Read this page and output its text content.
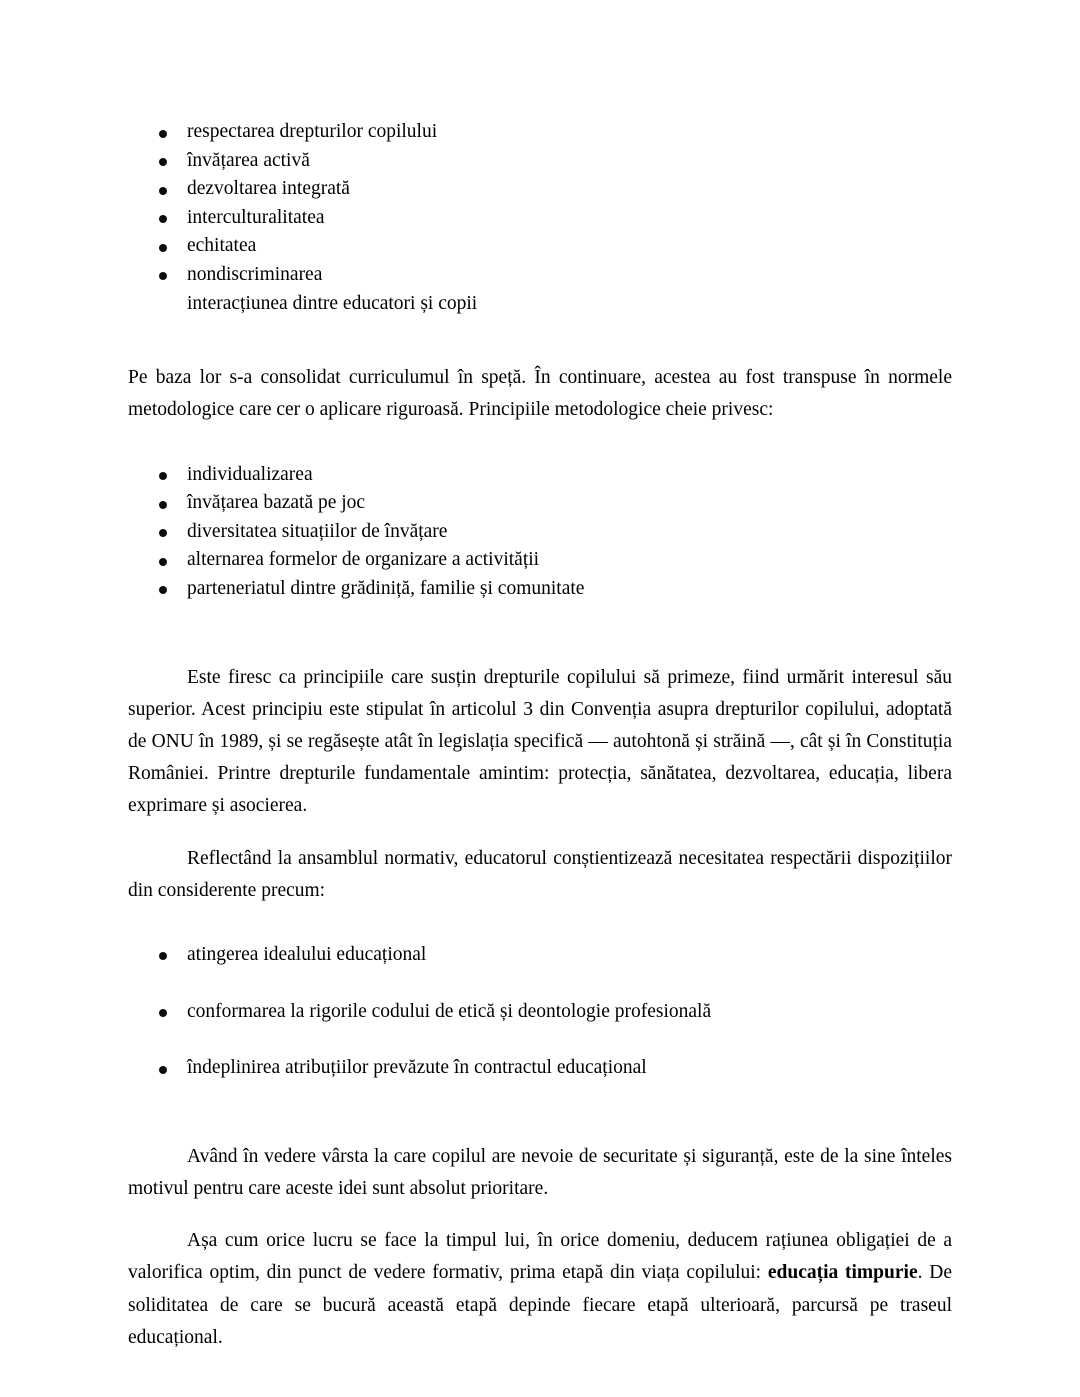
respectarea drepturilor copilului
învățarea activă
dezvoltarea integrată
interculturalitatea
echitatea
nondiscriminarea
interacțiunea dintre educatori și copii

Pe baza lor s‑a consolidat curriculumul în speță. În continuare, acestea au fost transpuse în normele metodologice care cer o aplicare riguroasă. Principiile metodologice cheie privesc:

individualizarea
învățarea bazată pe joc
diversitatea situațiilor de învățare
alternarea formelor de organizare a activității
parteneriatul dintre grădiniță, familie și comunitate

Este firesc ca principiile care susțin drepturile copilului să primeze, fiind urmărit interesul său superior. Acest principiu este stipulat în articolul 3 din Convenția asupra drepturilor copilului, adoptată de ONU în 1989, și se regăsește atât în legislația specifică — autohtonă și străină —, cât și în Constituția României. Printre drepturile fundamentale amintim: protecția, sănătatea, dezvoltarea, educația, libera exprimare și asocierea.

Reflectând la ansamblul normativ, educatorul conștientizează necesitatea respectării dispozițiilor din considerente precum:

atingerea idealului educațional
conformarea la rigorile codului de etică și deontologie profesională
îndeplinirea atribuțiilor prevăzute în contractul educațional

Având în vedere vârsta la care copilul are nevoie de securitate și siguranță, este de la sine înteles motivul pentru care aceste idei sunt absolut prioritare.

Așa cum orice lucru se face la timpul lui, în orice domeniu, deducem rațiunea obligației de a valorifica optim, din punct de vedere formativ, prima etapă din viața copilului: educația timpurie. De soliditatea de care se bucură această etapă depinde fiecare etapă ulterioară, parcursă pe traseul educațional.
